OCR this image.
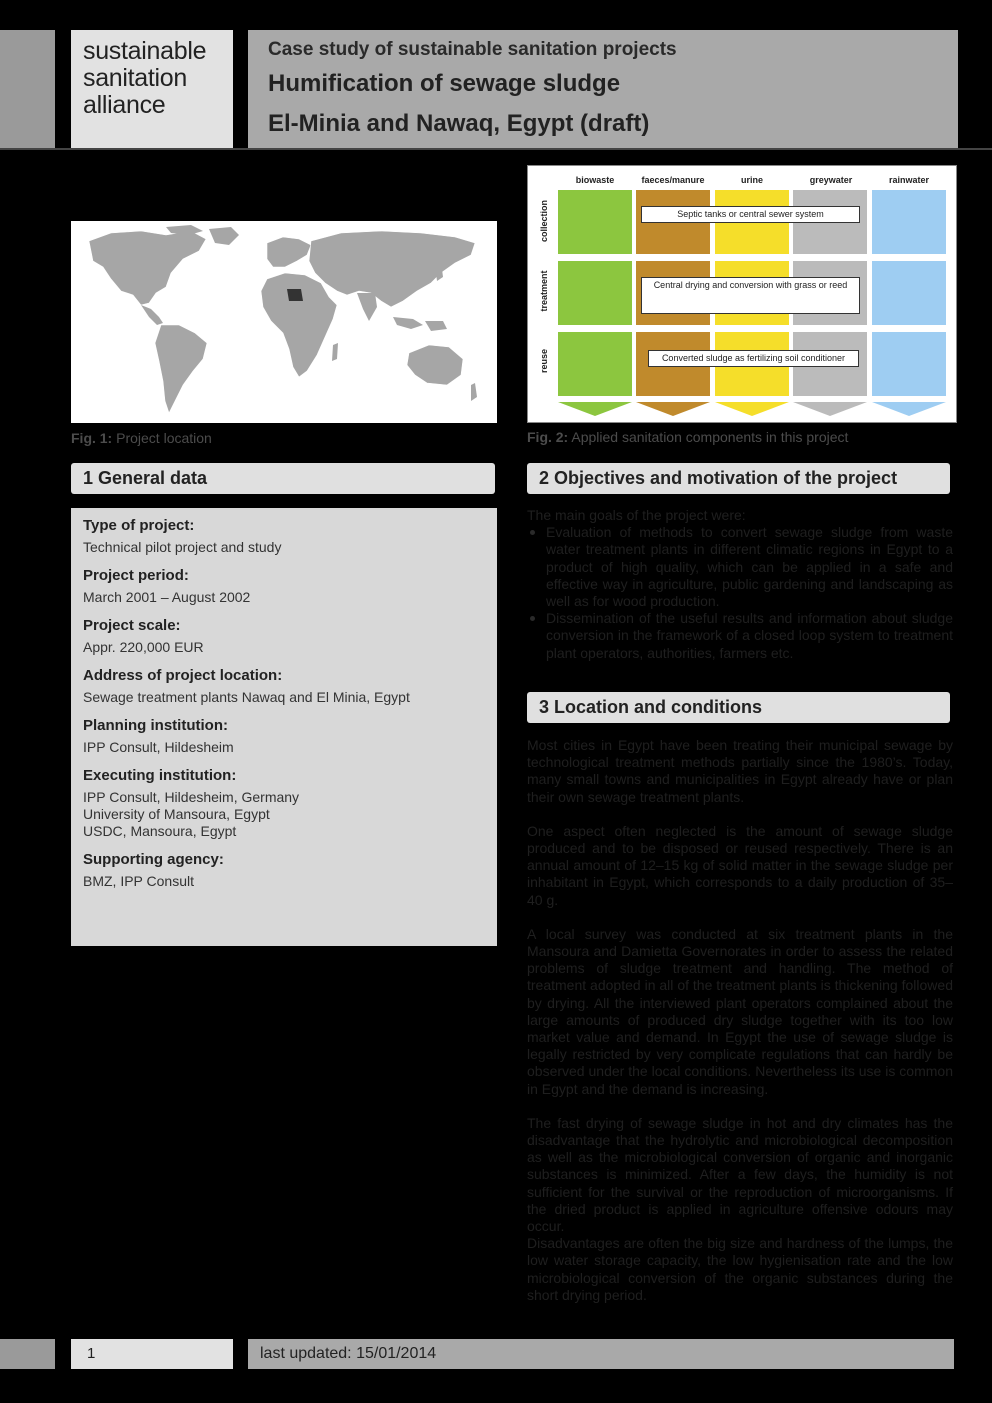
sustainable
sanitation
alliance
Case study of sustainable sanitation projects
Humification of sewage sludge
El-Minia and Nawaq, Egypt (draft)
Fig. 1: Project location
biowaste	faeces/manure	urine	greywater	rainwater
collection
treatment
reuse
Septic tanks or central sewer system
Central drying and conversion with grass or reed
Converted sludge as fertilizing soil conditioner
Fig. 2: Applied sanitation components in this project
1 General data
Type of project:
Technical pilot project and study
Project period:
March 2001 – August 2002
Project scale:
Appr. 220,000 EUR
Address of project location:
Sewage treatment plants Nawaq and El Minia, Egypt
Planning institution:
IPP Consult, Hildesheim
Executing institution:
IPP Consult, Hildesheim, Germany
University of Mansoura, Egypt
USDC, Mansoura, Egypt
Supporting agency:
BMZ, IPP Consult
2 Objectives and motivation of the project

The main goals of the project were:

Evaluation of methods to convert sewage sludge from waste water treatment plants in different climatic regions in Egypt to a product of high quality, which can be applied in a safe and effective way in agriculture, public gardening and landscaping as well as for wood production.
Dissemination of the useful results and information about sludge conversion in the framework of a closed loop system to treatment plant operators, authorities, farmers etc.
3 Location and conditions

Most cities in Egypt have been treating their municipal sewage by technological treatment methods partially since the 1980’s. Today, many small towns and municipalities in Egypt already have or plan their own sewage treatment plants.

One aspect often neglected is the amount of sewage sludge produced and to be disposed or reused respectively. There is an annual amount of 12–15 kg of solid matter in the sewage sludge per inhabitant in Egypt, which corresponds to a daily production of 35–40 g.

A local survey was conducted at six treatment plants in the Mansoura and Damietta Governorates in order to assess the related problems of sludge treatment and handling. The method of treatment adopted in all of the treatment plants is thickening followed by drying. All the interviewed plant operators complained about the large amounts of produced dry sludge together with its too low market value and demand. In Egypt the use of sewage sludge is legally restricted by very complicate regulations that can hardly be observed under the local conditions. Nevertheless its use is common in Egypt and the demand is increasing.

The fast drying of sewage sludge in hot and dry climates has the disadvantage that the hydrolytic and microbiological decomposition as well as the microbiological conversion of organic and inorganic substances is minimized. After a few days, the humidity is not sufficient for the survival or the reproduction of microorganisms. If the dried product is applied in agriculture offensive odours may occur.

Disadvantages are often the big size and hardness of the lumps, the low water storage capacity, the low hygienisation rate and the low microbiological conversion of the organic substances during the short drying period.

1	last updated: 15/01/2014
